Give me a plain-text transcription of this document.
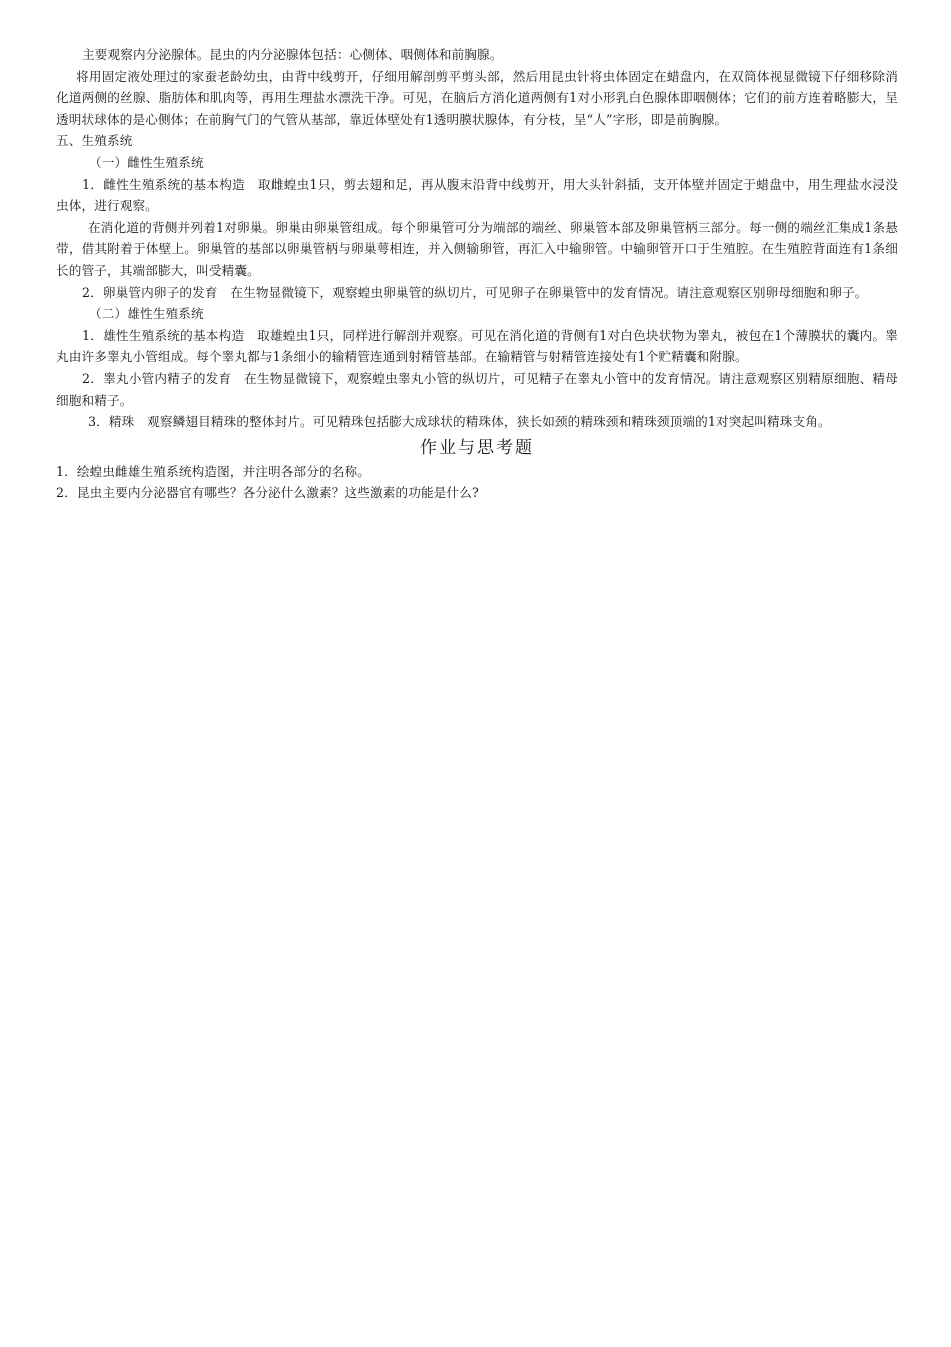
主要观察内分泌腺体。昆虫的内分泌腺体包括：心侧体、咽侧体和前胸腺。

将用固定液处理过的家蚕老龄幼虫，由背中线剪开，仔细用解剖剪平剪头部，然后用昆虫针将虫体固定在蜡盘内，在双筒体视显微镜下仔细移除消化道两侧的丝腺、脂肪体和肌肉等，再用生理盐水漂洗干净。可见，在脑后方消化道两侧有1对小形乳白色腺体即咽侧体；它们的前方连着略膨大，呈透明状球体的是心侧体；在前胸气门的气管从基部，靠近体壁处有1透明膜状腺体，有分枝，呈“人”字形，即是前胸腺。

五、生殖系统

（一）雌性生殖系统

1．雌性生殖系统的基本构造　取雌蝗虫1只，剪去翅和足，再从腹末沿背中线剪开，用大头针斜插，支开体壁并固定于蜡盘中，用生理盐水浸没虫体，进行观察。

在消化道的背侧并列着1对卵巢。卵巢由卵巢管组成。每个卵巢管可分为端部的端丝、卵巢管本部及卵巢管柄三部分。每一侧的端丝汇集成1条悬带，借其附着于体壁上。卵巢管的基部以卵巢管柄与卵巢萼相连，并入侧输卵管，再汇入中输卵管。中输卵管开口于生殖腔。在生殖腔背面连有1条细长的管子，其端部膨大，叫受精囊。

2．卵巢管内卵子的发育　在生物显微镜下，观察蝗虫卵巢管的纵切片，可见卵子在卵巢管中的发育情况。请注意观察区别卵母细胞和卵子。

（二）雄性生殖系统

1．雄性生殖系统的基本构造　取雄蝗虫1只，同样进行解剖并观察。可见在消化道的背侧有1对白色块状物为睾丸，被包在1个薄膜状的囊内。睾丸由许多睾丸小管组成。每个睾丸都与1条细小的输精管连通到射精管基部。在输精管与射精管连接处有1个贮精囊和附腺。

2．睾丸小管内精子的发育　在生物显微镜下，观察蝗虫睾丸小管的纵切片，可见精子在睾丸小管中的发育情况。请注意观察区别精原细胞、精母细胞和精子。

3．精珠　观察鳞翅目精珠的整体封片。可见精珠包括膨大成球状的精珠体，狭长如颈的精珠颈和精珠颈顶端的1对突起叫精珠支角。

作业与思考题

1．绘蝗虫雌雄生殖系统构造图，并注明各部分的名称。

2．昆虫主要内分泌器官有哪些？各分泌什么激素？这些激素的功能是什么?
